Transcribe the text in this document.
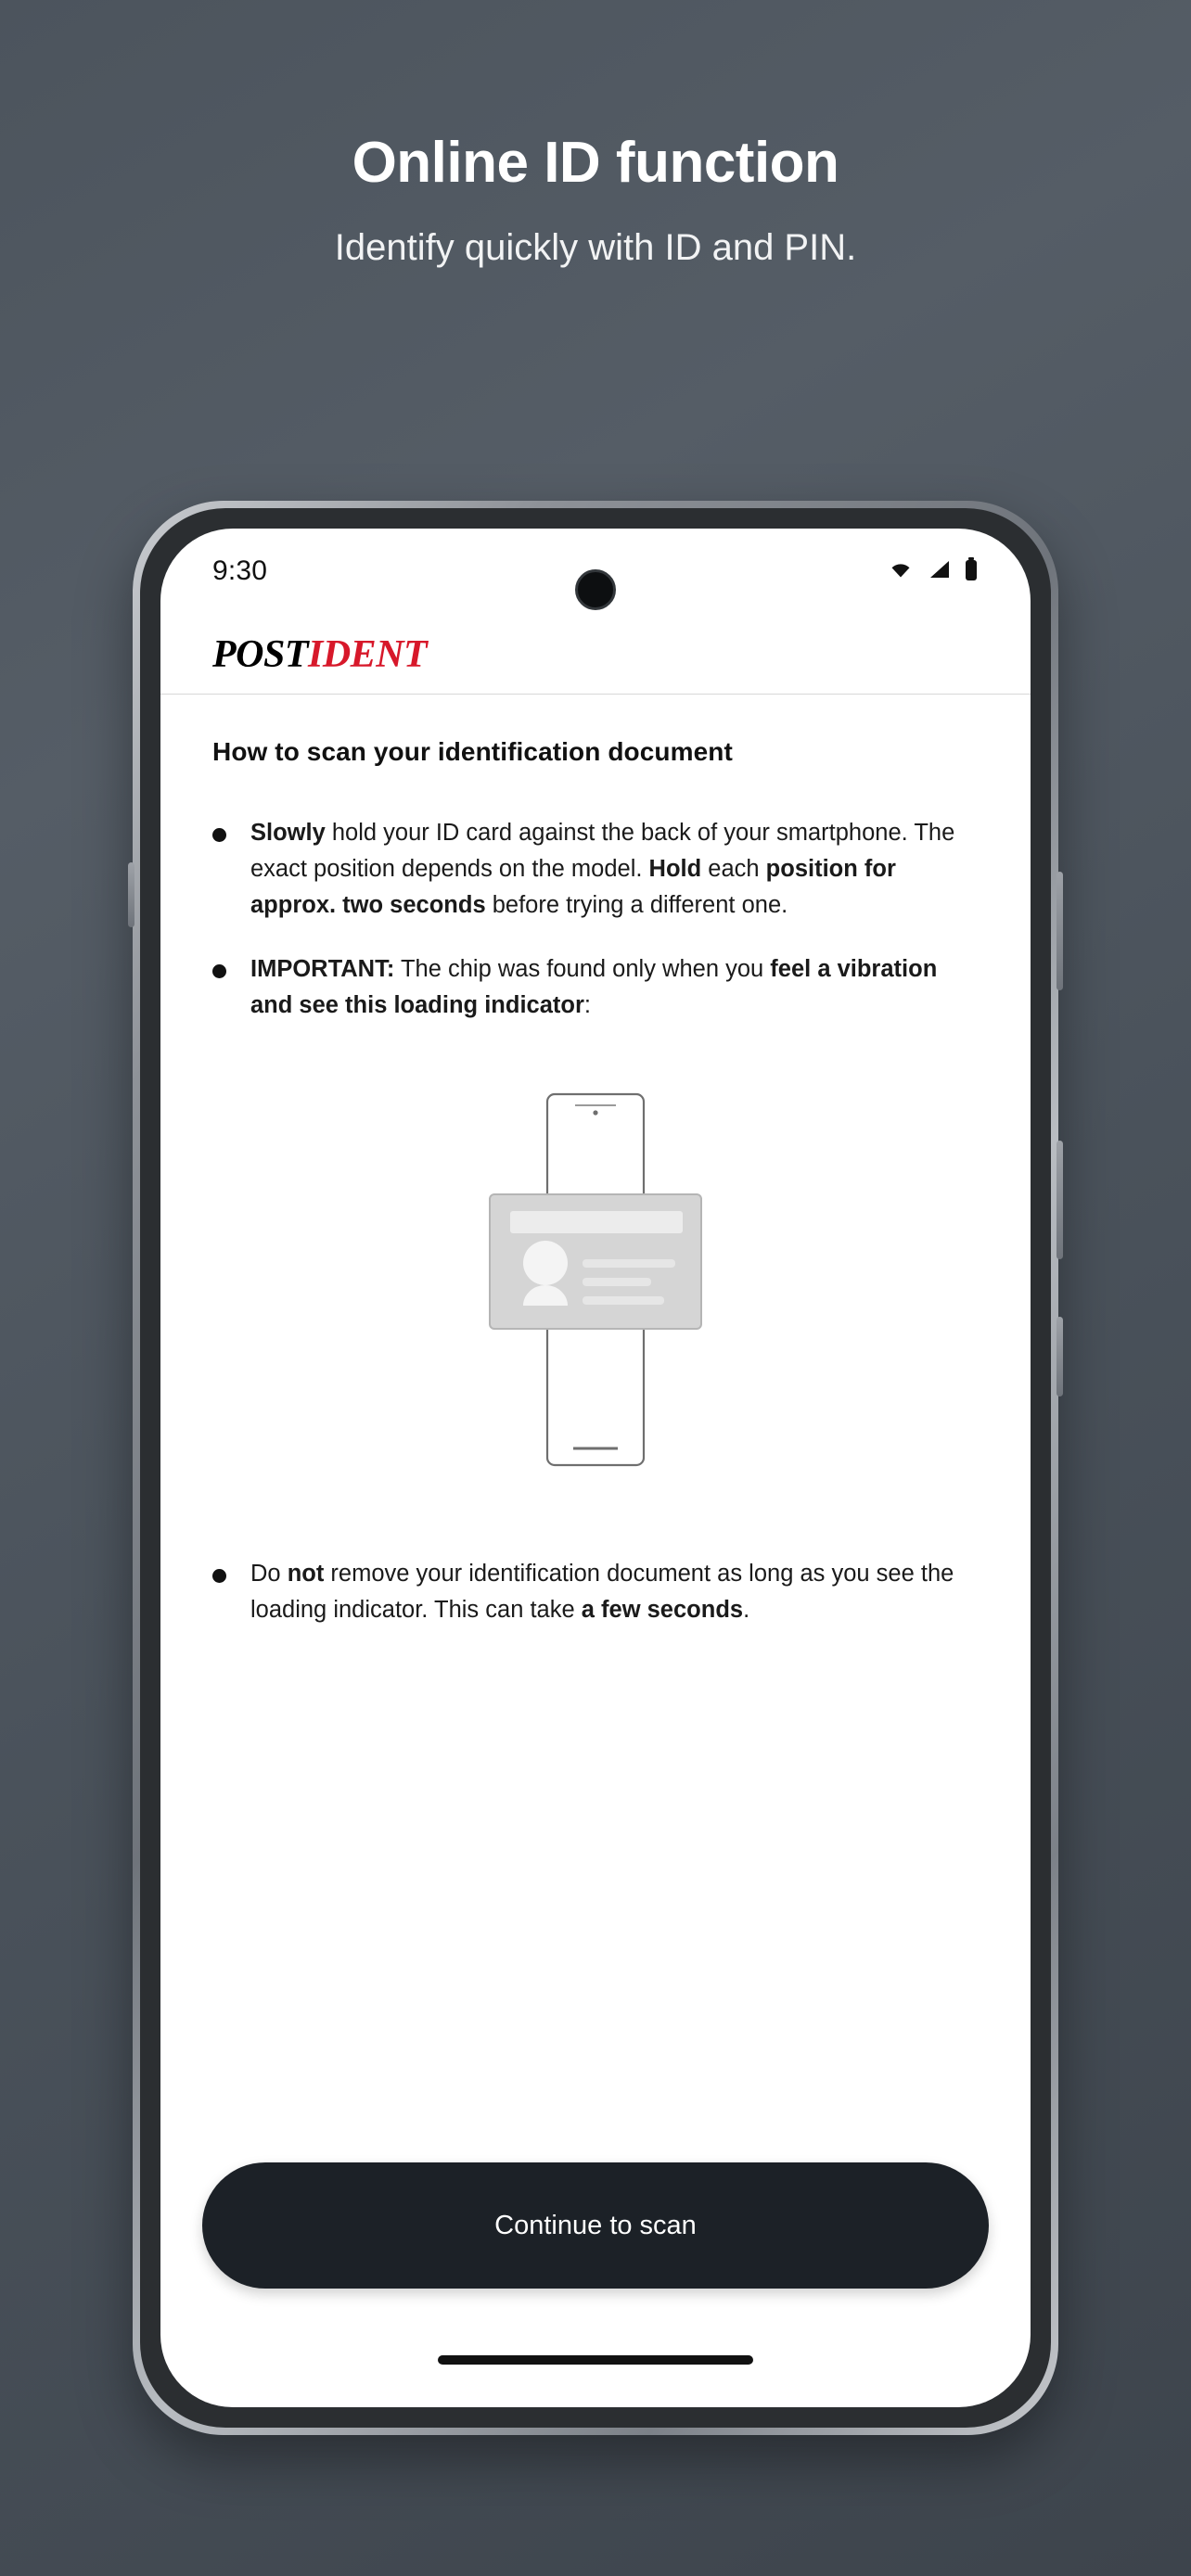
Online ID function
Identify quickly with ID and PIN.
9:30
POSTIDENT
How to scan your identification document
Slowly hold your ID card against the back of your smartphone. The exact position depends on the model. Hold each position for approx. two seconds before trying a different one.
IMPORTANT: The chip was found only when you feel a vibration and see this loading indicator:
Do not remove your identification document as long as you see the loading indicator. This can take a few seconds.
Continue to scan
